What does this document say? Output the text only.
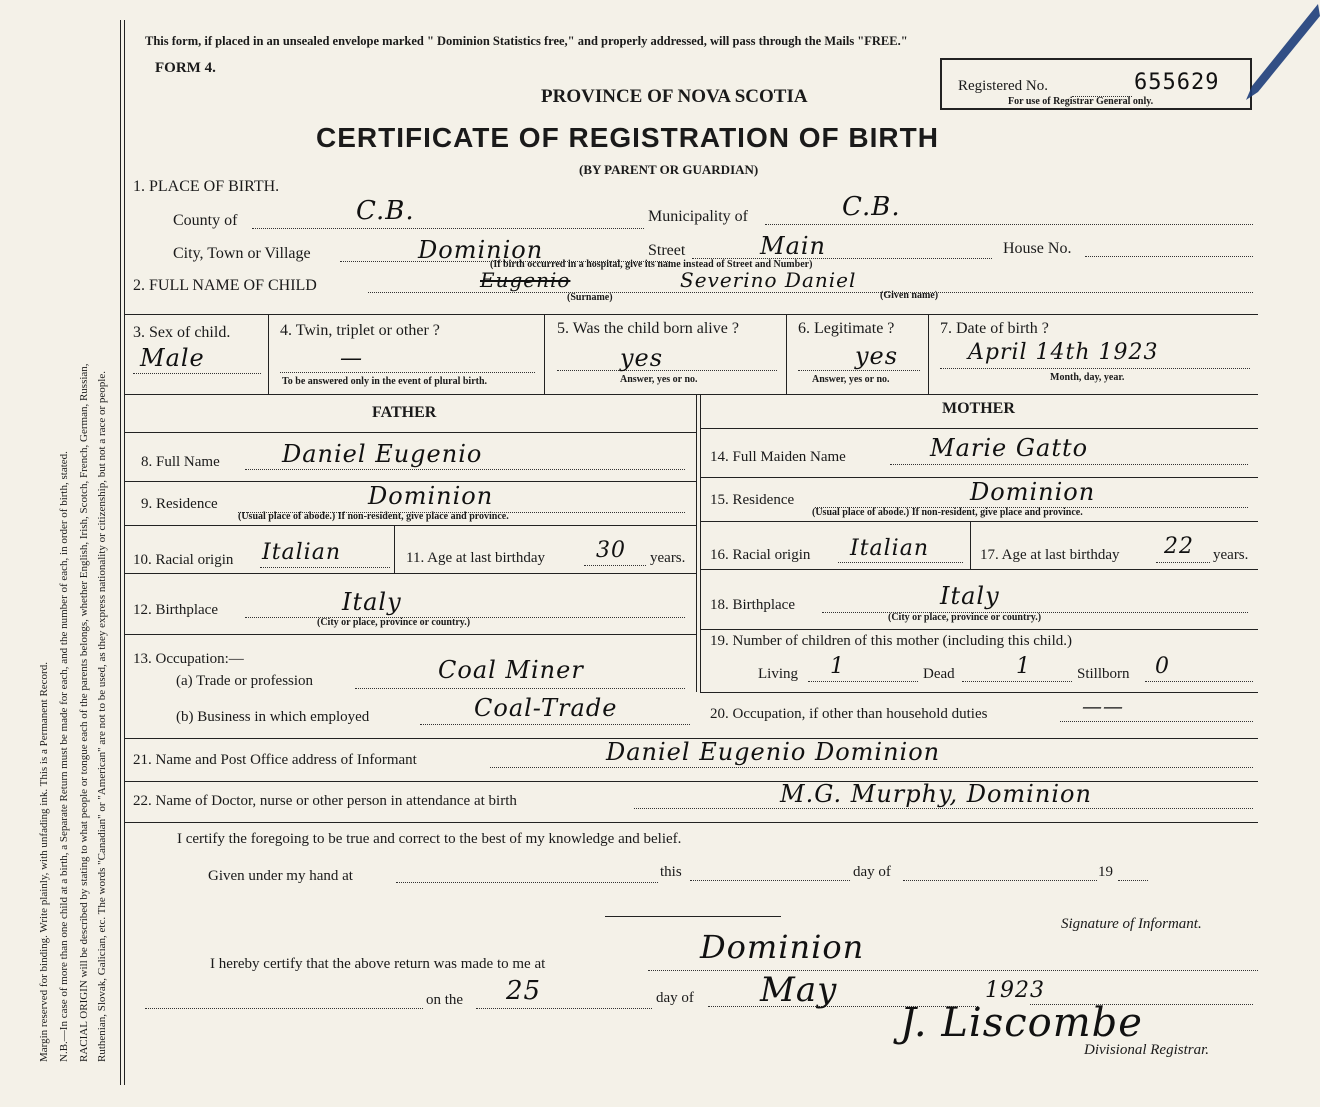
Margin reserved for binding. Write plainly, with unfading ink. This is a Permanent Record. N.B.—In case of more than one child at a birth, a Separate Return must be made for each, and the number of each, in order of birth, stated. RACIAL ORIGIN will be described by stating to what people or tongue each of the parents belongs, whether English, Irish, Scotch, French, German, Russian, Ruthenian, Slovak, Galician, etc. The words "Canadian" or "American" are not to be used, as they express nationality or citizenship, but not a race or people.
This form, if placed in an unsealed envelope marked " Dominion Statistics free," and properly addressed, will pass through the Mails "FREE."
FORM 4.
PROVINCE OF NOVA SCOTIA	Registered No.	655629
For use of Registrar General only.
CERTIFICATE OF REGISTRATION OF BIRTH
(BY PARENT OR GUARDIAN)
1. PLACE OF BIRTH.
County of	C.B.	Municipality of	C.B.
City, Town or Village	Dominion	Street	Main	House No.
(If birth occurred in a hospital, give its name instead of Street and Number)
2. FULL NAME OF CHILD	Eugenio	Severino Daniel
(Surname)	(Given name)
3. Sex of child.
Male
4. Twin, triplet or other ?
—
To be answered only in the event of plural birth.
5. Was the child born alive ?
yes
Answer, yes or no.
6. Legitimate ?
yes
Answer, yes or no.
7. Date of birth ?
April 14th 1923
Month, day, year.
FATHER
8. Full Name	Daniel Eugenio
9. Residence	Dominion
(Usual place of abode.) If non-resident, give place and province.
10. Racial origin Italian	11. Age at last birthday 30 years.
12. Birthplace	Italy
(City or place, province or country.)
13. Occupation:—
(a) Trade or profession	Coal Miner
(b) Business in which employed	Coal-Trade
MOTHER
14. Full Maiden Name	Marie Gatto
15. Residence	Dominion
(Usual place of abode.) If non-resident, give place and province.
16. Racial origin Italian	17. Age at last birthday 22 years.
18. Birthplace	Italy
(City or place, province or country.)
19. Number of children of this mother (including this child.)
Living 1	Dead	1	Stillborn 0
20. Occupation, if other than household duties	——
21. Name and Post Office address of Informant	Daniel Eugenio Dominion
22. Name of Doctor, nurse or other person in attendance at birth	M.G. Murphy, Dominion
I certify the foregoing to be true and correct to the best of my knowledge and belief.
Given under my hand at	this	day of	19
Signature of Informant.
I hereby certify that the above return was made to me at	Dominion
on the 25	day of May	1923
J. Liscombe
Divisional Registrar.
